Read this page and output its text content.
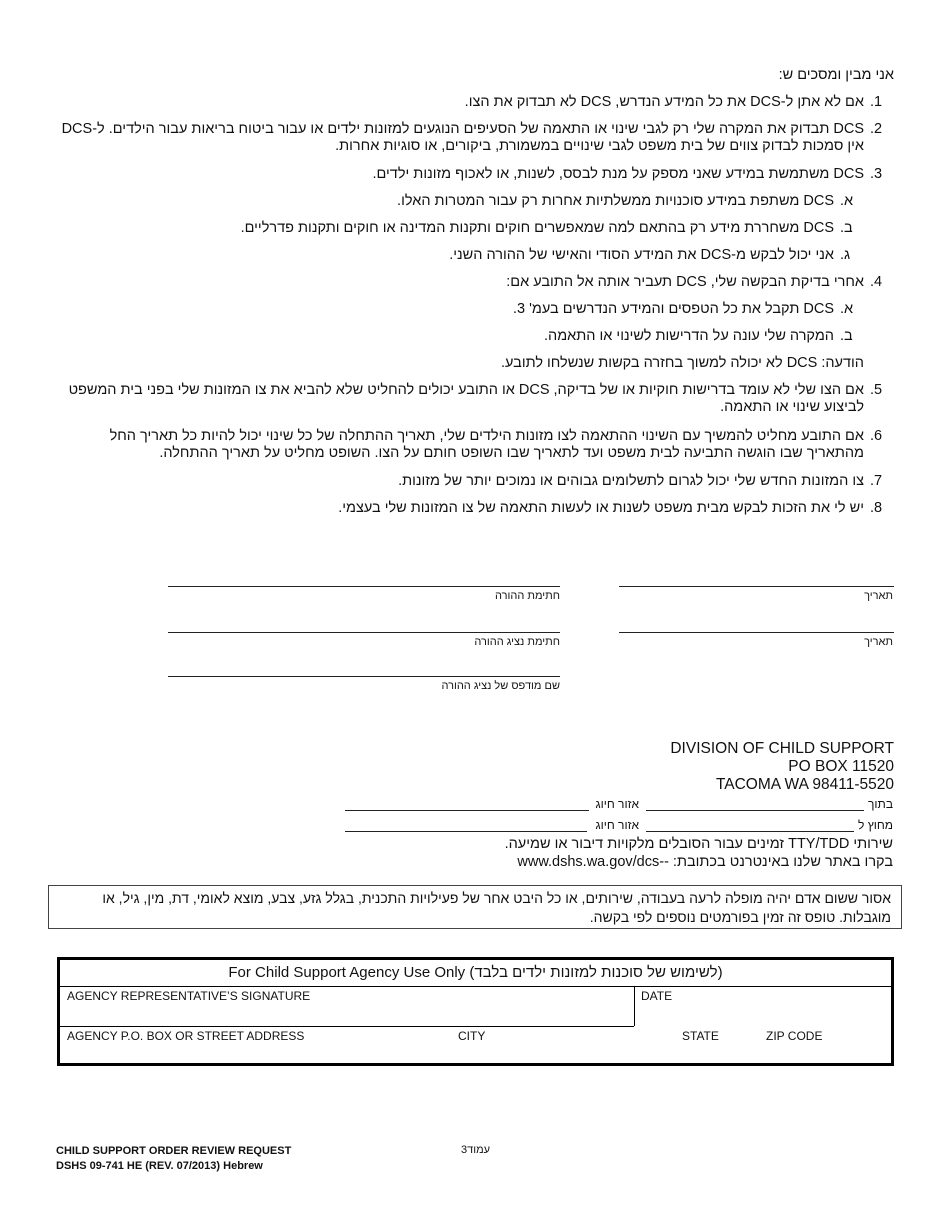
אני מבין ומסכים ש:
1.
אם לא אתן ל-DCS את כל המידע הנדרש, DCS לא תבדוק את הצו.
2.
DCS תבדוק את המקרה שלי רק לגבי שינוי או התאמה של הסעיפים הנוגעים למזונות ילדים או עבור ביטוח בריאות עבור הילדים. ל-DCS אין סמכות לבדוק צווים של בית משפט לגבי שינויים במשמורת, ביקורים, או סוגיות אחרות.
3.
DCS משתמשת במידע שאני מספק על מנת לבסס, לשנות, או לאכוף מזונות ילדים.
א.
DCS משתפת במידע סוכנויות ממשלתיות אחרות רק עבור המטרות האלו.
ב.
DCS משחררת מידע רק בהתאם למה שמאפשרים חוקים ותקנות המדינה או חוקים ותקנות פדרליים.
ג.
אני יכול לבקש מ-DCS את המידע הסודי והאישי של ההורה השני.
4.
אחרי בדיקת הבקשה שלי, DCS תעביר אותה אל התובע אם:
א.
DCS תקבל את כל הטפסים והמידע הנדרשים בעמ' 3.
ב.
המקרה שלי עונה על הדרישות לשינוי או התאמה.
הודעה: DCS לא יכולה למשוך בחזרה בקשות שנשלחו לתובע.
5.
אם הצו שלי לא עומד בדרישות חוקיות או של בדיקה, DCS או התובע יכולים להחליט שלא להביא את צו המזונות שלי בפני בית המשפט לביצוע שינוי או התאמה.
6.
אם התובע מחליט להמשיך עם השינוי ההתאמה לצו מזונות הילדים שלי, תאריך ההתחלה של כל שינוי יכול להיות כל תאריך החל מהתאריך שבו הוגשה התביעה לבית משפט ועד לתאריך שבו השופט חותם על הצו. השופט מחליט על תאריך ההתחלה.
7.
צו המזונות החדש שלי יכול לגרום לתשלומים גבוהים או נמוכים יותר של מזונות.
8.
יש לי את הזכות לבקש מבית משפט לשנות או לעשות התאמה של צו המזונות שלי בעצמי.
חתימת ההורה	תאריך
חתימת נציג ההורה	תאריך
שם מודפס של נציג ההורה
DIVISION OF CHILD SUPPORT
PO BOX 11520
TACOMA WA 98411-5520
בתוך
אזור חיוג
מחוץ ל
אזור חיוג
שירותי TTY/TDD זמינים עבור הסובלים מלקויות דיבור או שמיעה.
בקרו באתר שלנו באינטרנט בכתובת: --www.dshs.wa.gov/dcs
אסור ששום אדם יהיה מופלה לרעה בעבודה, שירותים, או כל היבט אחר של פעילויות התכנית, בגלל גזע, צבע, מוצא לאומי, דת, מין, גיל, או מוגבלות. טופס זה זמין בפורמטים נוספים לפי בקשה.
For Child Support Agency Use Only (לשימוש של סוכנות למזונות ילדים בלבד)
AGENCY REPRESENTATIVE’S SIGNATURE	DATE
AGENCY P.O. BOX OR STREET ADDRESS	CITY	STATE	ZIP CODE
CHILD SUPPORT ORDER REVIEW REQUEST
DSHS 09-741 HE (REV. 07/2013) Hebrew
עמוד3
